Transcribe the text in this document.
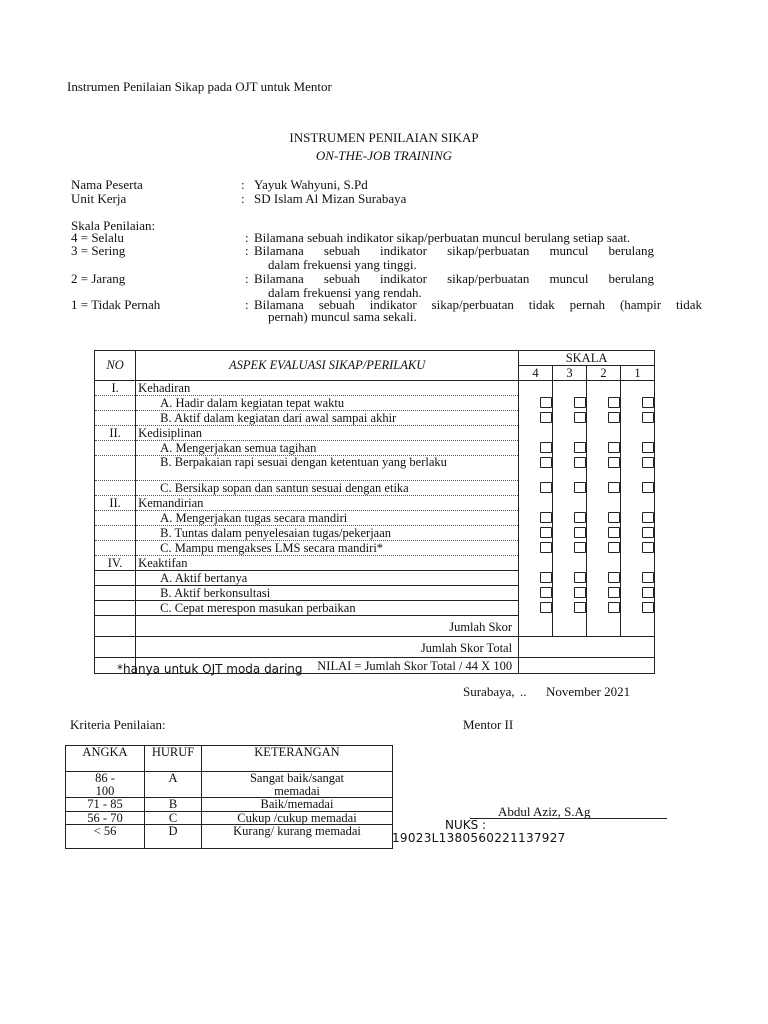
Instrumen Penilaian Sikap pada OJT untuk Mentor
INSTRUMEN PENILAIAN SIKAP
ON-THE-JOB TRAINING
Nama Peserta	: Yayuk Wahyuni, S.Pd
Unit Kerja	: SD Islam Al Mizan Surabaya
Skala Penilaian:
4 = Selalu	: Bilamana sebuah indikator sikap/perbuatan muncul berulang setiap saat.
3 = Sering	: Bilamana sebuah indikator sikap/perbuatan muncul berulang
dalam frekuensi yang tinggi.
2 = Jarang	: Bilamana sebuah indikator sikap/perbuatan muncul berulang
dalam frekuensi yang rendah.
1 = Tidak Pernah	: Bilamana sebuah indikator sikap/perbuatan tidak pernah (hampir tidak
pernah) muncul sama sekali.
NO	ASPEK EVALUASI SIKAP/PERILAKU	SKALA			
		4	3	2	1
I.	Kehadiran				
	A. Hadir dalam kegiatan tepat waktu				
	B. Aktif dalam kegiatan dari awal sampai akhir				
II.	Kedisiplinan				
	A. Mengerjakan semua tagihan				
	B. Berpakaian rapi sesuai dengan ketentuan yang berlaku				
	C. Bersikap sopan dan santun sesuai dengan etika				
II.	Kemandirian				
	A. Mengerjakan tugas secara mandiri				
	B. Tuntas dalam penyelesaian tugas/pekerjaan				
	C. Mampu mengakses LMS secara mandiri*				
IV.	Keaktifan				
	A. Aktif bertanya				
	B. Aktif berkonsultasi				
	C. Cepat merespon masukan perbaikan				
	Jumlah Skor				
	Jumlah Skor Total				
	NILAI = Jumlah Skor Total / 44 X 100				
*hanya untuk OJT moda daring
Surabaya, .. November 2021
Kriteria Penilaian:	Mentor II
ANGKA	HURUF	KETERANGAN
86 - 100	A	Sangat baik/sangat memadai
71 - 85	B	Baik/memadai
56 - 70	C	Cukup /cukup memadai
< 56	D	Kurang/ kurang memadai
Abdul Aziz, S.Ag
NUKS :
19023L1380560221137927
